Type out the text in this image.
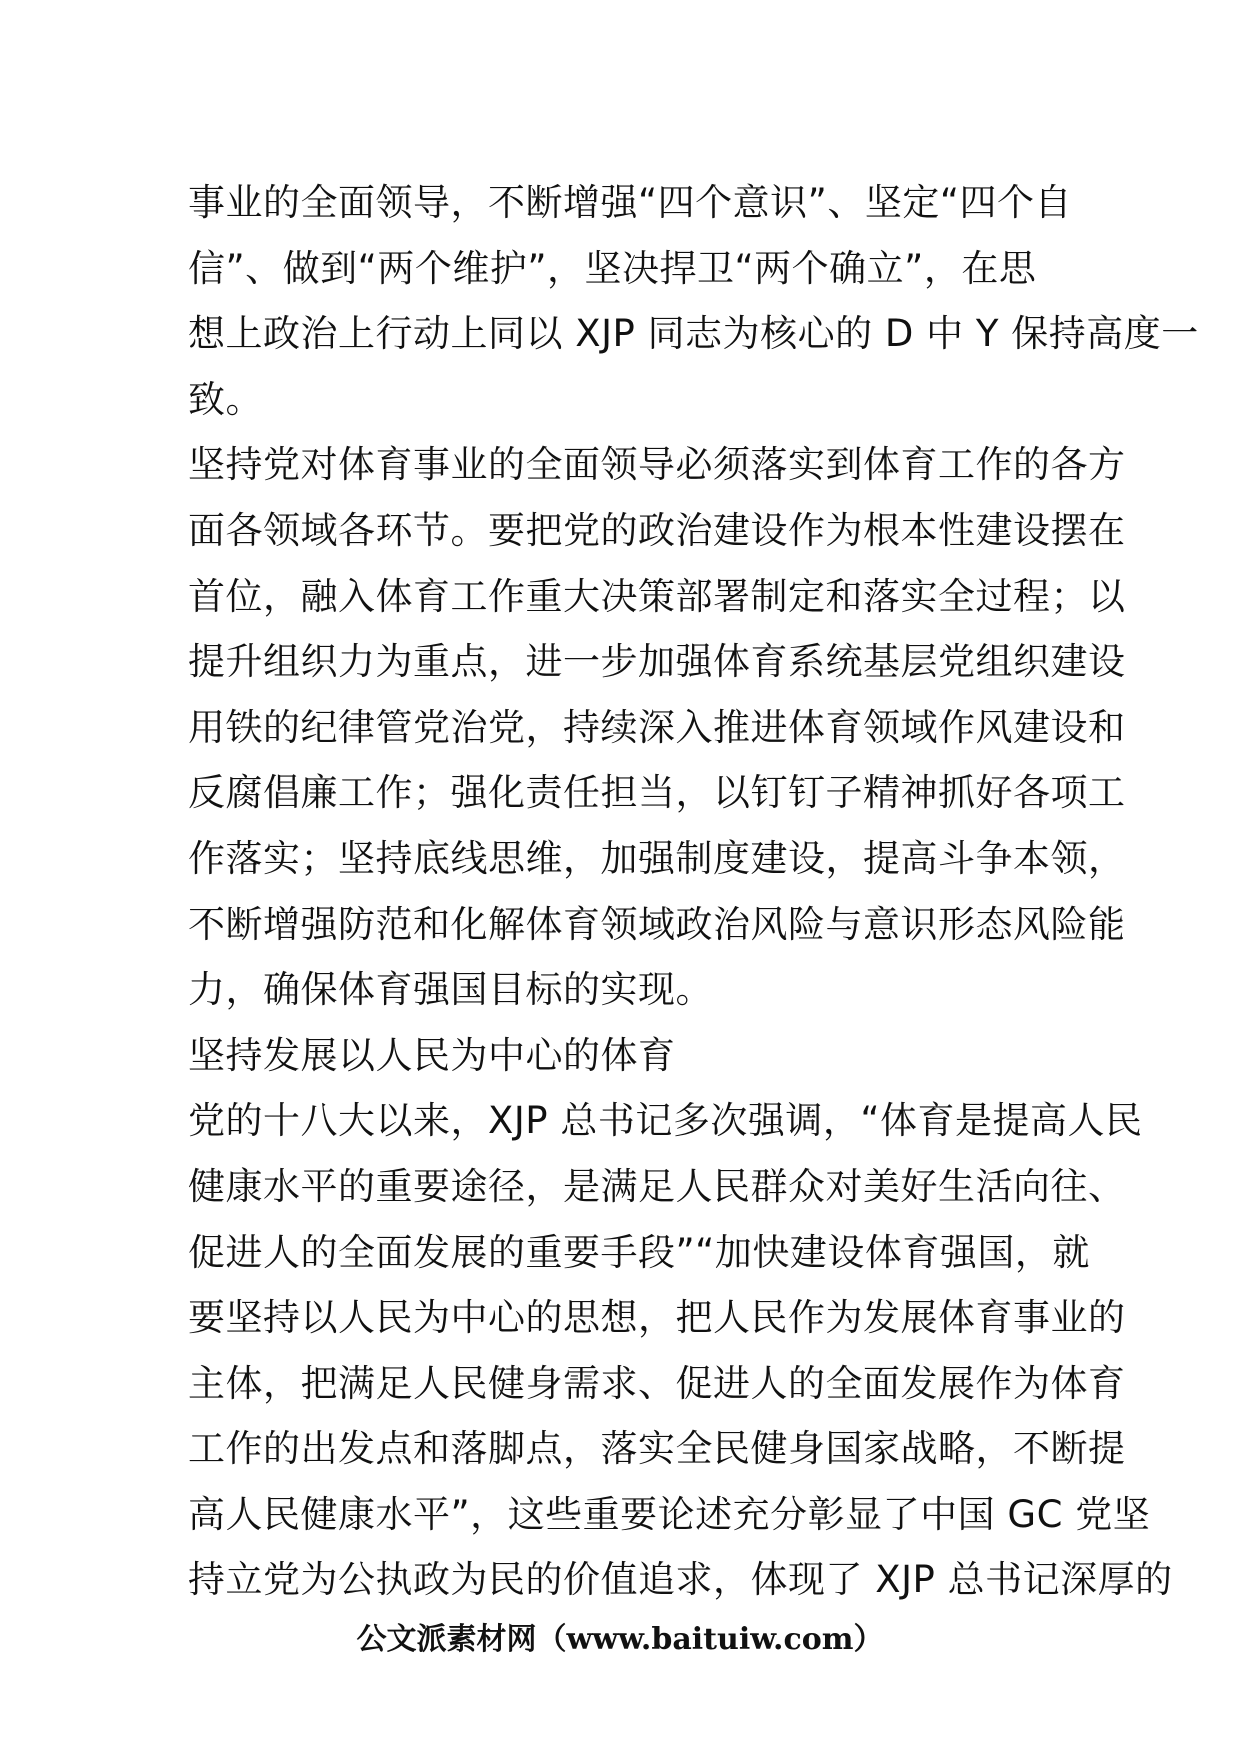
事业的全面领导，不断增强“四个意识”、坚定“四个自
信”、做到“两个维护”，坚决捍卫“两个确立”，在思
想上政治上行动上同以 XJP 同志为核心的 D 中 Y 保持高度一
致。
坚持党对体育事业的全面领导必须落实到体育工作的各方
面各领域各环节。要把党的政治建设作为根本性建设摆在
首位，融入体育工作重大决策部署制定和落实全过程；以
提升组织力为重点，进一步加强体育系统基层党组织建设
用铁的纪律管党治党，持续深入推进体育领域作风建设和
反腐倡廉工作；强化责任担当，以钉钉子精神抓好各项工
作落实；坚持底线思维，加强制度建设，提高斗争本领，
不断增强防范和化解体育领域政治风险与意识形态风险能
力，确保体育强国目标的实现。
坚持发展以人民为中心的体育
党的十八大以来，XJP 总书记多次强调，“体育是提高人民
健康水平的重要途径，是满足人民群众对美好生活向往、
促进人的全面发展的重要手段”“加快建设体育强国，就
要坚持以人民为中心的思想，把人民作为发展体育事业的
主体，把满足人民健身需求、促进人的全面发展作为体育
工作的出发点和落脚点，落实全民健身国家战略，不断提
高人民健康水平”，这些重要论述充分彰显了中国 GC 党坚
持立党为公执政为民的价值追求，体现了 XJP 总书记深厚的
公文派素材网（www.baituiw.com）
